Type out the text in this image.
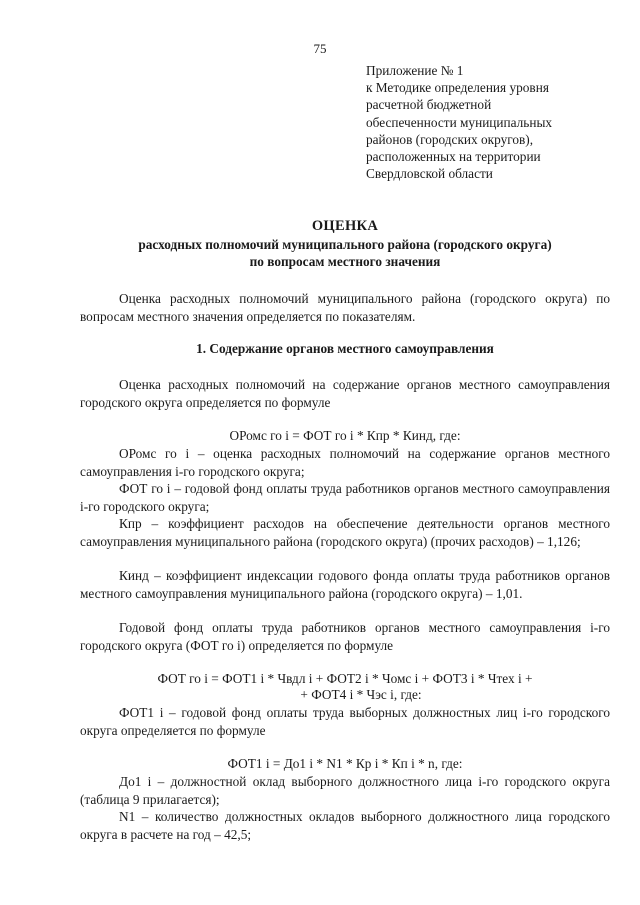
75
Приложение № 1
к Методике определения уровня
расчетной бюджетной
обеспеченности муниципальных
районов (городских округов),
расположенных на территории
Свердловской области
ОЦЕНКА
расходных полномочий муниципального района (городского округа)
по вопросам местного значения
Оценка расходных полномочий муниципального района (городского округа) по вопросам местного значения определяется по показателям.
1. Содержание органов местного самоуправления
Оценка расходных полномочий на содержание органов местного самоуправления городского округа определяется по формуле
ОРомс го i = ФОТ го i * Кпр * Кинд, где:
ОРомс го i – оценка расходных полномочий на содержание органов местного самоуправления i-го городского округа;
ФОТ го i – годовой фонд оплаты труда работников органов местного самоуправления i-го городского округа;
Кпр – коэффициент расходов на обеспечение деятельности органов местного самоуправления муниципального района (городского округа) (прочих расходов) – 1,126;
Кинд – коэффициент индексации годового фонда оплаты труда работников органов местного самоуправления муниципального района (городского округа) – 1,01.
Годовой фонд оплаты труда работников органов местного самоуправления i-го городского округа (ФОТ го i) определяется по формуле
ФОТ го i = ФОТ1 i * Чвдл i + ФОТ2 i * Чомс i + ФОТ3 i * Чтех i +
+ ФОТ4 i * Чэс i, где:
ФОТ1 i – годовой фонд оплаты труда выборных должностных лиц i-го городского округа определяется по формуле
ФОТ1 i = До1 i * N1 * Кр i * Кп i * n, где:
До1 i – должностной оклад выборного должностного лица i-го городского округа (таблица 9 прилагается);
N1 – количество должностных окладов выборного должностного лица городского округа в расчете на год – 42,5;
